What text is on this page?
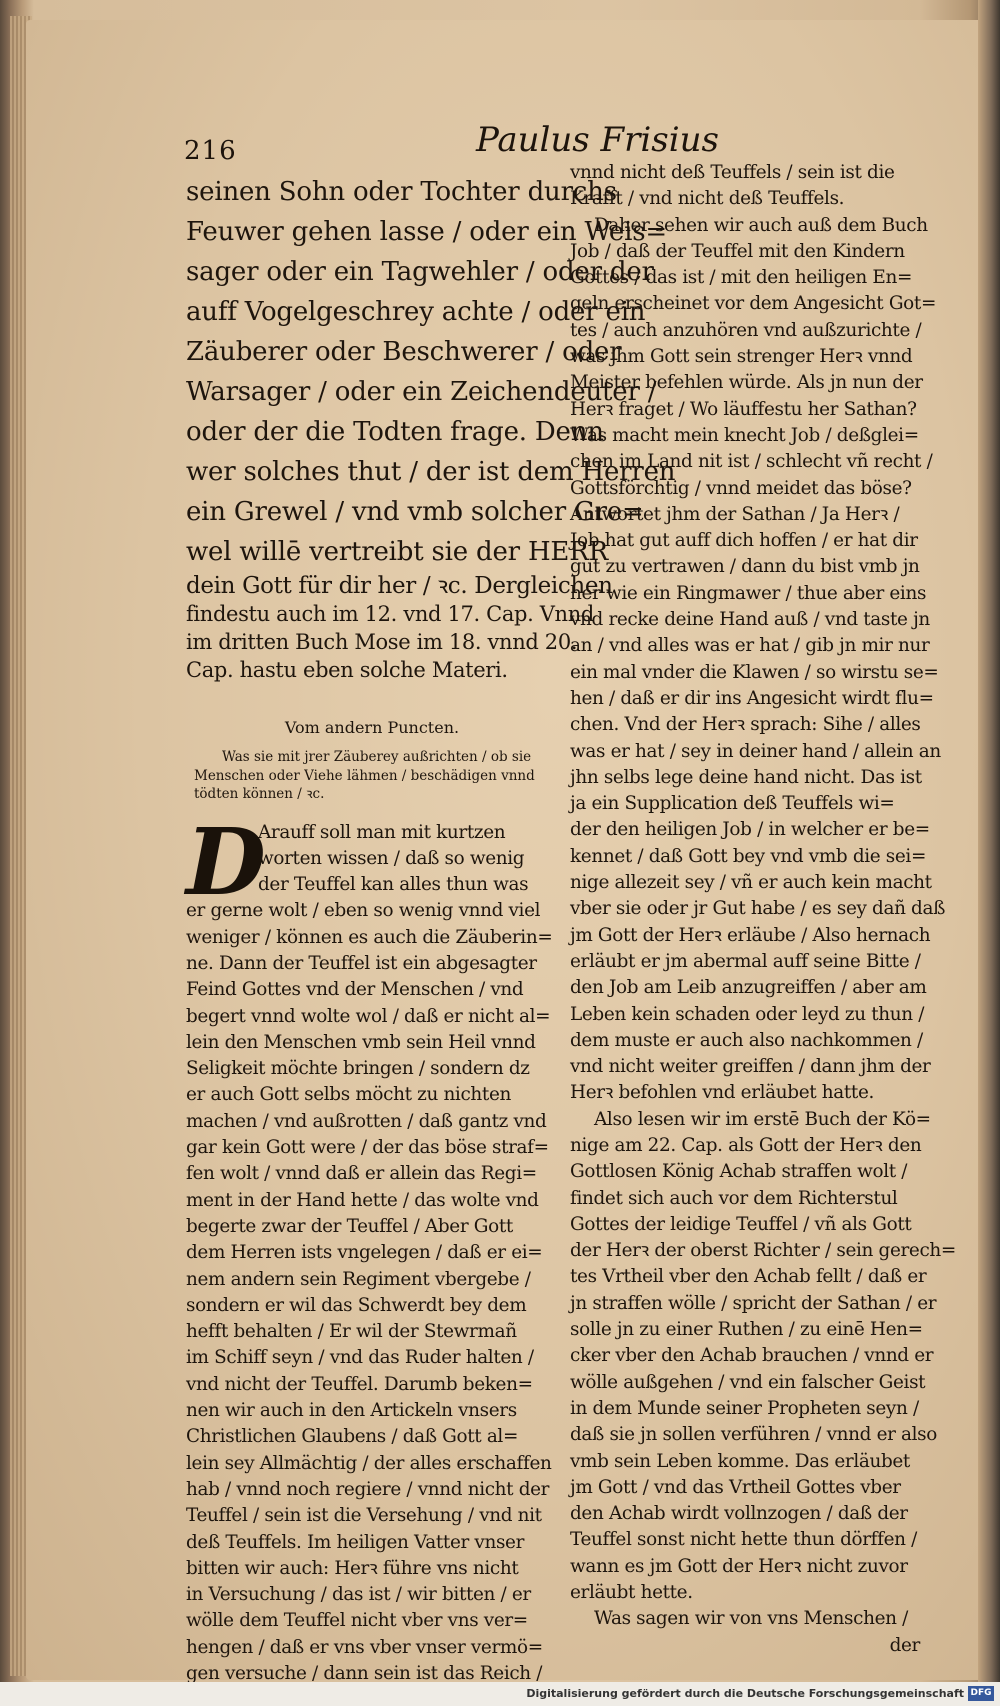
216	Paulus Frisius
seinen Sohn oder Tochter durchs
Feuwer gehen lasse / oder ein Weis=
sager oder ein Tagwehler / oder der
auff Vogelgeschrey achte / oder ein
Zäuberer oder Beschwerer / oder
Warsager / oder ein Zeichendeuter /
oder der die Todten frage. Denn
wer solches thut / der ist dem Herren
ein Grewel / vnd vmb solcher Gre=
wel willē vertreibt sie der HERR
dein Gott für dir her / ꝛc. Dergleichen
findestu auch im 12. vnd 17. Cap. Vnnd
im dritten Buch Mose im 18. vnnd 20.
Cap. hastu eben solche Materi.
Vom andern Puncten.
Was sie mit jrer Zäuberey außrichten / ob sie
Menschen oder Viehe lähmen / beschädigen vnnd
tödten können / ꝛc.
D
Arauff soll man mit kurtzen
worten wissen / daß so wenig
der Teuffel kan alles thun was
er gerne wolt / eben so wenig vnnd viel
weniger / können es auch die Zäuberin=
ne. Dann der Teuffel ist ein abgesagter
Feind Gottes vnd der Menschen / vnd
begert vnnd wolte wol / daß er nicht al=
lein den Menschen vmb sein Heil vnnd
Seligkeit möchte bringen / sondern dz
er auch Gott selbs möcht zu nichten
machen / vnd außrotten / daß gantz vnd
gar kein Gott were / der das böse straf=
fen wolt / vnnd daß er allein das Regi=
ment in der Hand hette / das wolte vnd
begerte zwar der Teuffel / Aber Gott
dem Herren ists vngelegen / daß er ei=
nem andern sein Regiment vbergebe /
sondern er wil das Schwerdt bey dem
hefft behalten / Er wil der Stewrmañ
im Schiff seyn / vnd das Ruder halten /
vnd nicht der Teuffel. Darumb beken=
nen wir auch in den Artickeln vnsers
Christlichen Glaubens / daß Gott al=
lein sey Allmächtig / der alles erschaffen
hab / vnnd noch regiere / vnnd nicht der
Teuffel / sein ist die Versehung / vnd nit
deß Teuffels. Im heiligen Vatter vnser
bitten wir auch: Herꝛ führe vns nicht
in Versuchung / das ist / wir bitten / er
wölle dem Teuffel nicht vber vns ver=
hengen / daß er vns vber vnser vermö=
gen versuche / dann sein ist das Reich /
vnnd nicht deß Teuffels / sein ist die
Krafft / vnd nicht deß Teuffels.
Daher sehen wir auch auß dem Buch
Job / daß der Teuffel mit den Kindern
Gottes / das ist / mit den heiligen En=
geln erscheinet vor dem Angesicht Got=
tes / auch anzuhören vnd außzurichte /
was jhm Gott sein strenger Herꝛ vnnd
Meister befehlen würde. Als jn nun der
Herꝛ fraget / Wo läuffestu her Sathan?
Was macht mein knecht Job / deßglei=
chen im Land nit ist / schlecht vñ recht /
Gottsförchtig / vnnd meidet das böse?
Antwortet jhm der Sathan / Ja Herꝛ /
Job hat gut auff dich hoffen / er hat dir
gut zu vertrawen / dann du bist vmb jn
her wie ein Ringmawer / thue aber eins
vnd recke deine Hand auß / vnd taste jn
an / vnd alles was er hat / gib jn mir nur
ein mal vnder die Klawen / so wirstu se=
hen / daß er dir ins Angesicht wirdt flu=
chen. Vnd der Herꝛ sprach: Sihe / alles
was er hat / sey in deiner hand / allein an
jhn selbs lege deine hand nicht. Das ist
ja ein Supplication deß Teuffels wi=
der den heiligen Job / in welcher er be=
kennet / daß Gott bey vnd vmb die sei=
nige allezeit sey / vñ er auch kein macht
vber sie oder jr Gut habe / es sey dañ daß
jm Gott der Herꝛ erläube / Also hernach
erläubt er jm abermal auff seine Bitte /
den Job am Leib anzugreiffen / aber am
Leben kein schaden oder leyd zu thun /
dem muste er auch also nachkommen /
vnd nicht weiter greiffen / dann jhm der
Herꝛ befohlen vnd erläubet hatte.
Also lesen wir im erstē Buch der Kö=
nige am 22. Cap. als Gott der Herꝛ den
Gottlosen König Achab straffen wolt /
findet sich auch vor dem Richterstul
Gottes der leidige Teuffel / vñ als Gott
der Herꝛ der oberst Richter / sein gerech=
tes Vrtheil vber den Achab fellt / daß er
jn straffen wölle / spricht der Sathan / er
solle jn zu einer Ruthen / zu einē Hen=
cker vber den Achab brauchen / vnnd er
wölle außgehen / vnd ein falscher Geist
in dem Munde seiner Propheten seyn /
daß sie jn sollen verführen / vnnd er also
vmb sein Leben komme. Das erläubet
jm Gott / vnd das Vrtheil Gottes vber
den Achab wirdt vollnzogen / daß der
Teuffel sonst nicht hette thun dörffen /
wann es jm Gott der Herꝛ nicht zuvor
erläubt hette.
Was sagen wir von vns Menschen /
der
Digitalisierung gefördert durch die Deutsche Forschungsgemeinschaft DFG
